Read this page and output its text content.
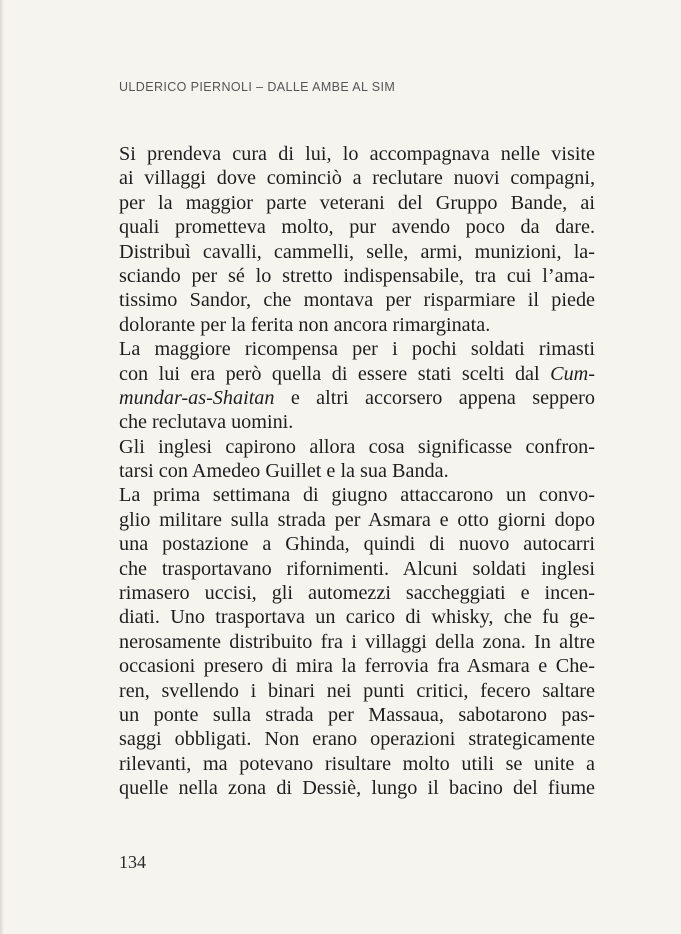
ULDERICO PIERNOLI – DALLE AMBE AL SIM
Si prendeva cura di lui, lo accompagnava nelle visite
ai villaggi dove cominciò a reclutare nuovi compagni,
per la maggior parte veterani del Gruppo Bande, ai
quali prometteva molto, pur avendo poco da dare.
Distribuì cavalli, cammelli, selle, armi, munizioni, la-
sciando per sé lo stretto indispensabile, tra cui l’ama-
tissimo Sandor, che montava per risparmiare il piede
dolorante per la ferita non ancora rimarginata.
La maggiore ricompensa per i pochi soldati rimasti
con lui era però quella di essere stati scelti dal Cum-
mundar-as-Shaitan e altri accorsero appena seppero
che reclutava uomini.
Gli inglesi capirono allora cosa significasse confron-
tarsi con Amedeo Guillet e la sua Banda.
La prima settimana di giugno attaccarono un convo-
glio militare sulla strada per Asmara e otto giorni dopo
una postazione a Ghinda, quindi di nuovo autocarri
che trasportavano rifornimenti. Alcuni soldati inglesi
rimasero uccisi, gli automezzi saccheggiati e incen-
diati. Uno trasportava un carico di whisky, che fu ge-
nerosamente distribuito fra i villaggi della zona. In altre
occasioni presero di mira la ferrovia fra Asmara e Che-
ren, svellendo i binari nei punti critici, fecero saltare
un ponte sulla strada per Massaua, sabotarono pas-
saggi obbligati. Non erano operazioni strategicamente
rilevanti, ma potevano risultare molto utili se unite a
quelle nella zona di Dessiè, lungo il bacino del fiume
134
